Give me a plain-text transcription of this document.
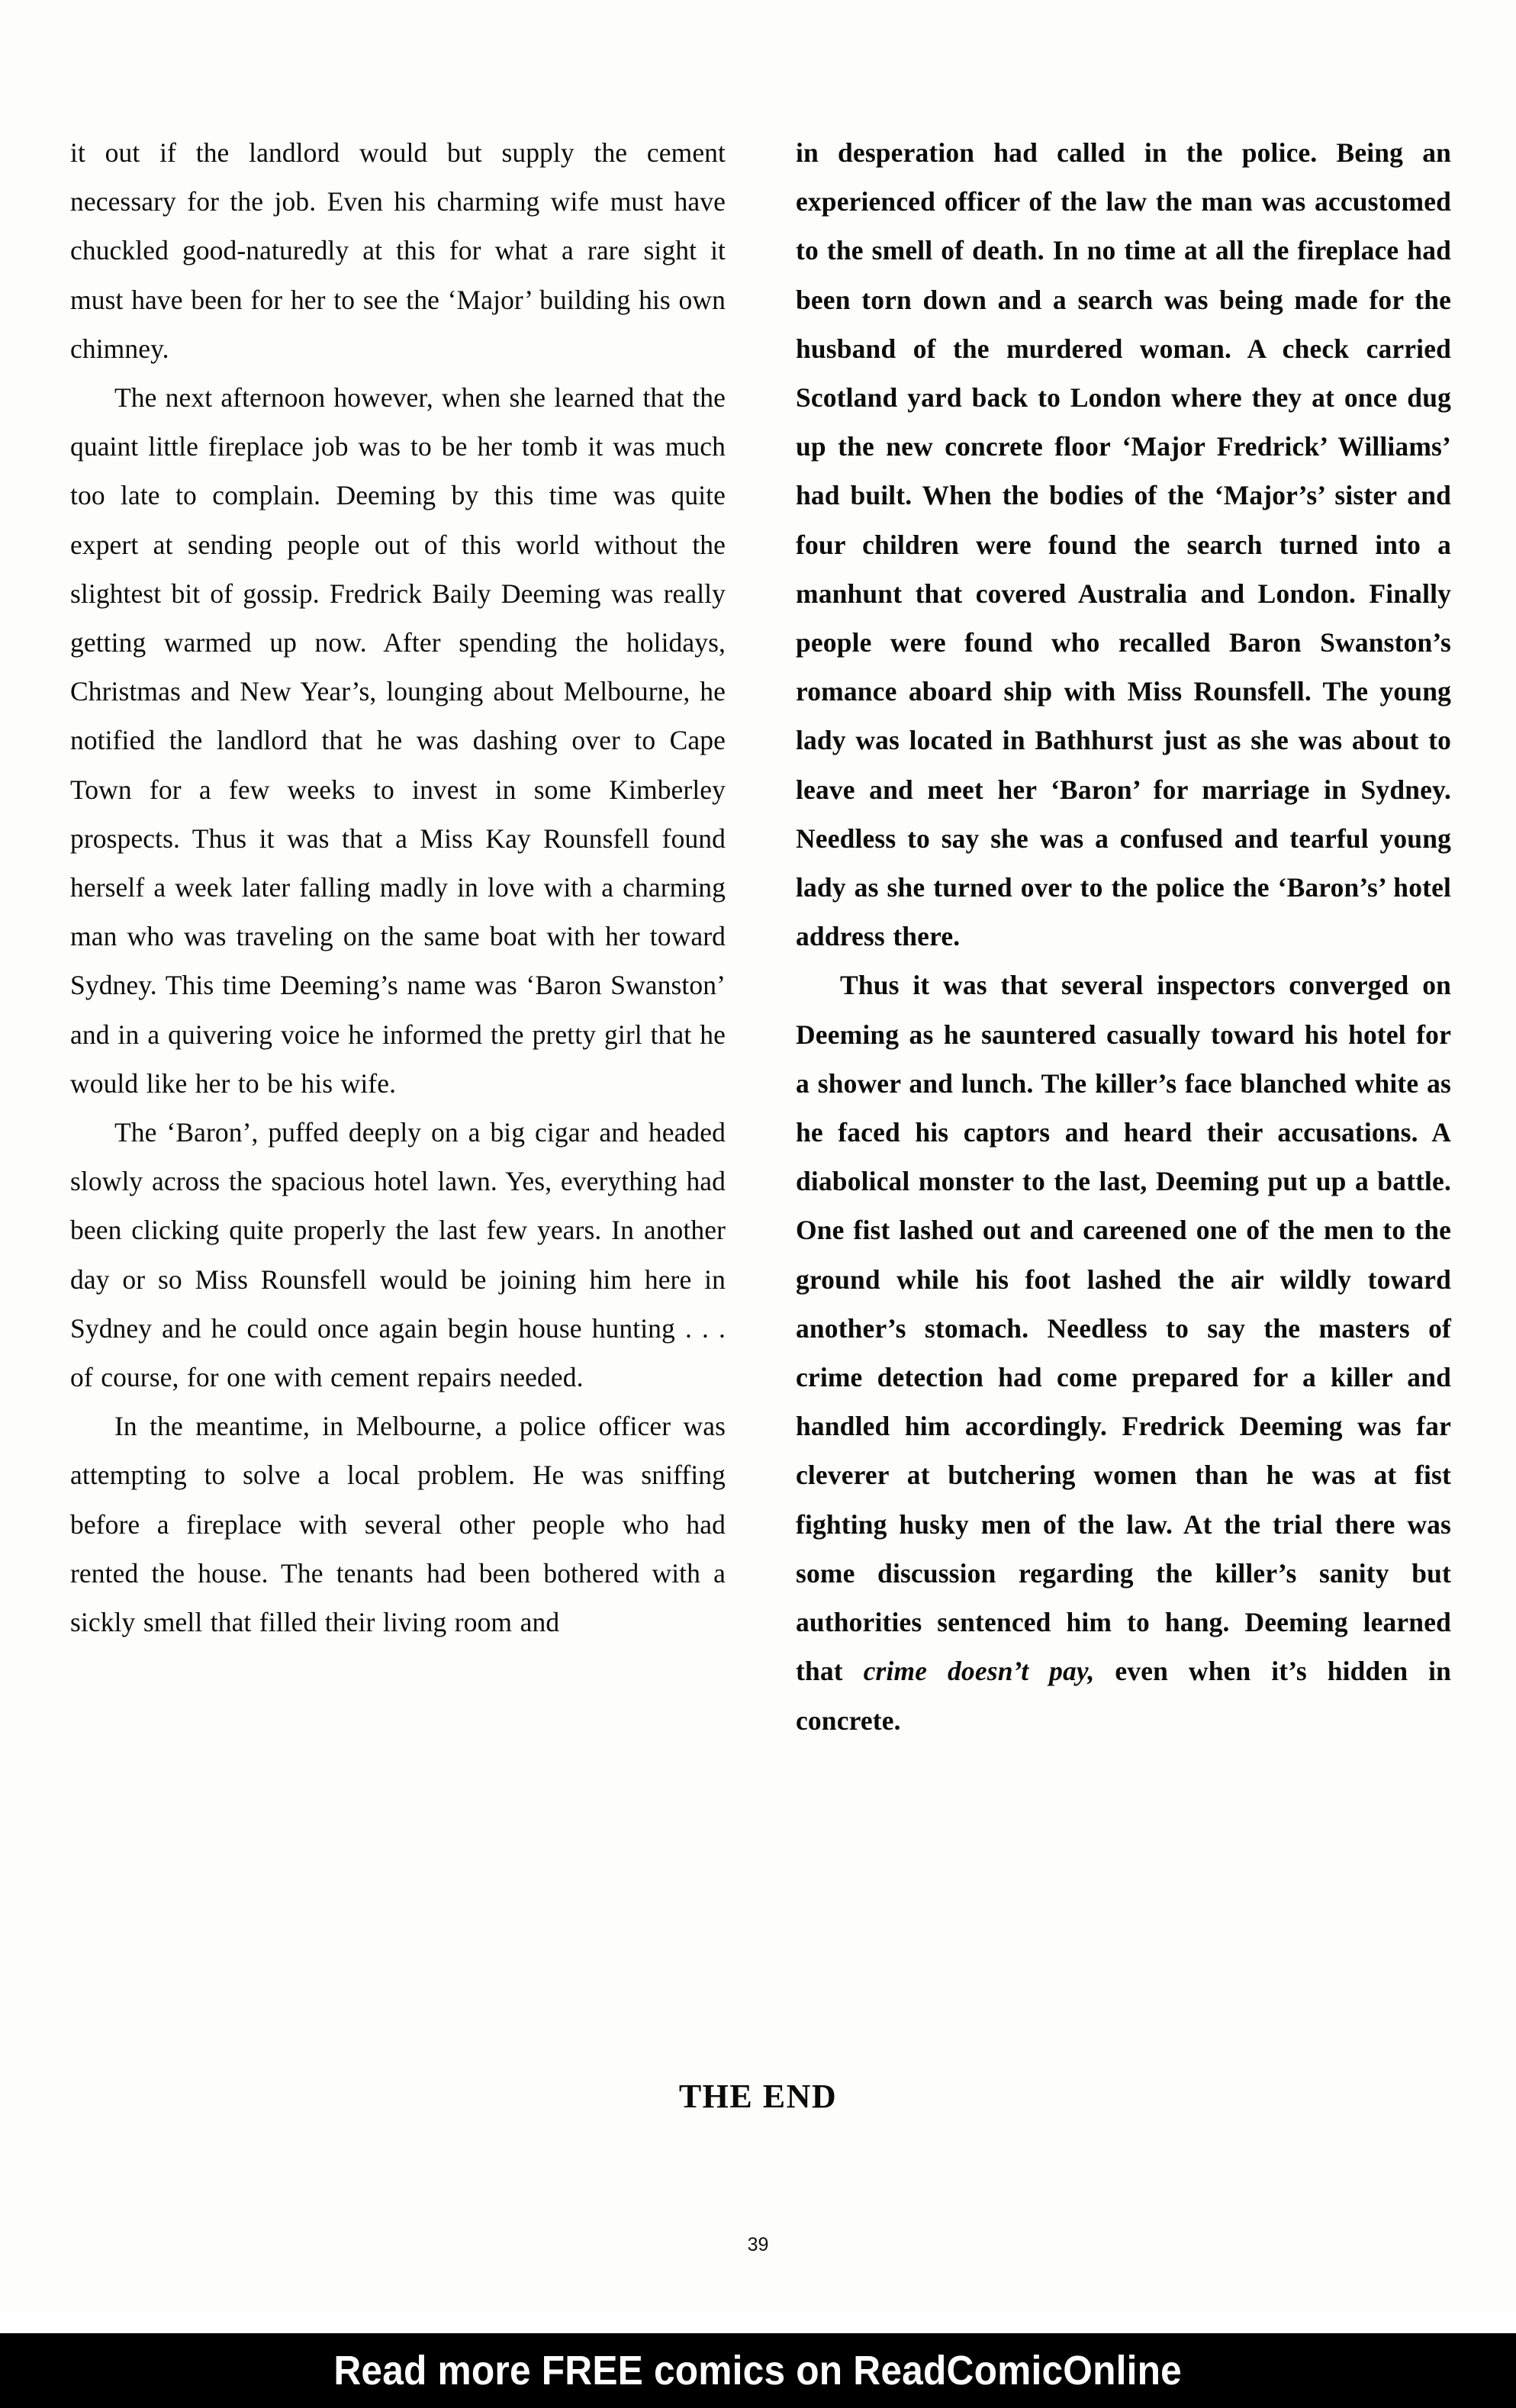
it out if the landlord would but supply the cement necessary for the job. Even his charming wife must have chuckled good-naturedly at this for what a rare sight it must have been for her to see the ‘Major’ building his own chimney.

The next afternoon however, when she learned that the quaint little fireplace job was to be her tomb it was much too late to complain. Deeming by this time was quite expert at sending people out of this world without the slightest bit of gossip. Fredrick Baily Deeming was really getting warmed up now. After spending the holidays, Christmas and New Year’s, lounging about Melbourne, he notified the landlord that he was dashing over to Cape Town for a few weeks to invest in some Kimberley prospects. Thus it was that a Miss Kay Rounsfell found herself a week later falling madly in love with a charming man who was traveling on the same boat with her toward Sydney. This time Deeming’s name was ‘Baron Swanston’ and in a quivering voice he informed the pretty girl that he would like her to be his wife.

The ‘Baron’, puffed deeply on a big cigar and headed slowly across the spacious hotel lawn. Yes, everything had been clicking quite properly the last few years. In another day or so Miss Rounsfell would be joining him here in Sydney and he could once again begin house hunting . . . of course, for one with cement repairs needed.

In the meantime, in Melbourne, a police officer was attempting to solve a local problem. He was sniffing before a fireplace with several other people who had rented the house. The tenants had been bothered with a sickly smell that filled their living room and

in desperation had called in the police. Being an experienced officer of the law the man was accustomed to the smell of death. In no time at all the fireplace had been torn down and a search was being made for the husband of the murdered woman. A check carried Scotland yard back to London where they at once dug up the new concrete floor ‘Major Fredrick’ Williams’ had built. When the bodies of the ‘Major’s’ sister and four children were found the search turned into a manhunt that covered Australia and London. Finally people were found who recalled Baron Swanston’s romance aboard ship with Miss Rounsfell. The young lady was located in Bathhurst just as she was about to leave and meet her ‘Baron’ for marriage in Sydney. Needless to say she was a confused and tearful young lady as she turned over to the police the ‘Baron’s’ hotel address there.

Thus it was that several inspectors converged on Deeming as he sauntered casually toward his hotel for a shower and lunch. The killer’s face blanched white as he faced his captors and heard their accusations. A diabolical monster to the last, Deeming put up a battle. One fist lashed out and careened one of the men to the ground while his foot lashed the air wildly toward another’s stomach. Needless to say the masters of crime detection had come prepared for a killer and handled him accordingly. Fredrick Deeming was far cleverer at butchering women than he was at fist fighting husky men of the law. At the trial there was some discussion regarding the killer’s sanity but authorities sentenced him to hang. Deeming learned that crime doesn’t pay, even when it’s hidden in concrete.

THE END
39
Read more FREE comics on ReadComicOnline
